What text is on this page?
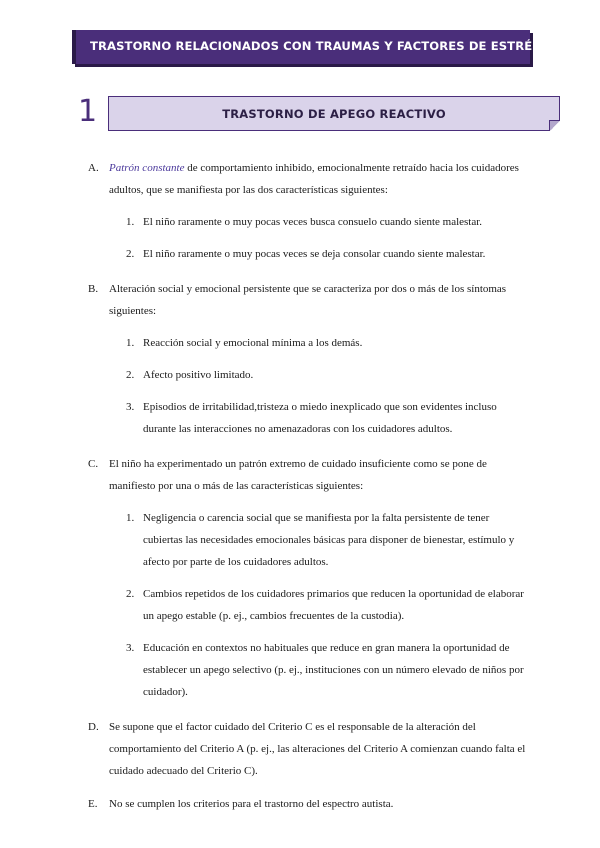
TRASTORNO RELACIONADOS CON TRAUMAS Y FACTORES DE $ESTRÉS_{[8]}$
1	TRASTORNO DE APEGO REACTIVO
A. Patrón constante de comportamiento inhibido, emocionalmente retraído hacia los cuidadores adultos, que se manifiesta por las dos características siguientes:
1. El niño raramente o muy pocas veces busca consuelo cuando siente malestar.
2. El niño raramente o muy pocas veces se deja consolar cuando siente malestar.
B. Alteración social y emocional persistente que se caracteriza por dos o más de los síntomas siguientes:
1. Reacción social y emocional mínima a los demás.
2. Afecto positivo limitado.
3. Episodios de irritabilidad,tristeza o miedo inexplicado que son evidentes incluso durante las interacciones no amenazadoras con los cuidadores adultos.
C. El niño ha experimentado un patrón extremo de cuidado insuficiente como se pone de manifiesto por una o más de las características siguientes:
1. Negligencia o carencia social que se manifiesta por la falta persistente de tener cubiertas las necesidades emocionales básicas para disponer de bienestar, estímulo y afecto por parte de los cuidadores adultos.
2. Cambios repetidos de los cuidadores primarios que reducen la oportunidad de elaborar un apego estable (p. ej., cambios frecuentes de la custodia).
3. Educación en contextos no habituales que reduce en gran manera la oportunidad de establecer un apego selectivo (p. ej., instituciones con un número elevado de niños por cuidador).
D. Se supone que el factor cuidado del Criterio C es el responsable de la alteración del comportamiento del Criterio A (p. ej., las alteraciones del Criterio A comienzan cuando falta el cuidado adecuado del Criterio C).
E. No se cumplen los criterios para el trastorno del espectro autista.
